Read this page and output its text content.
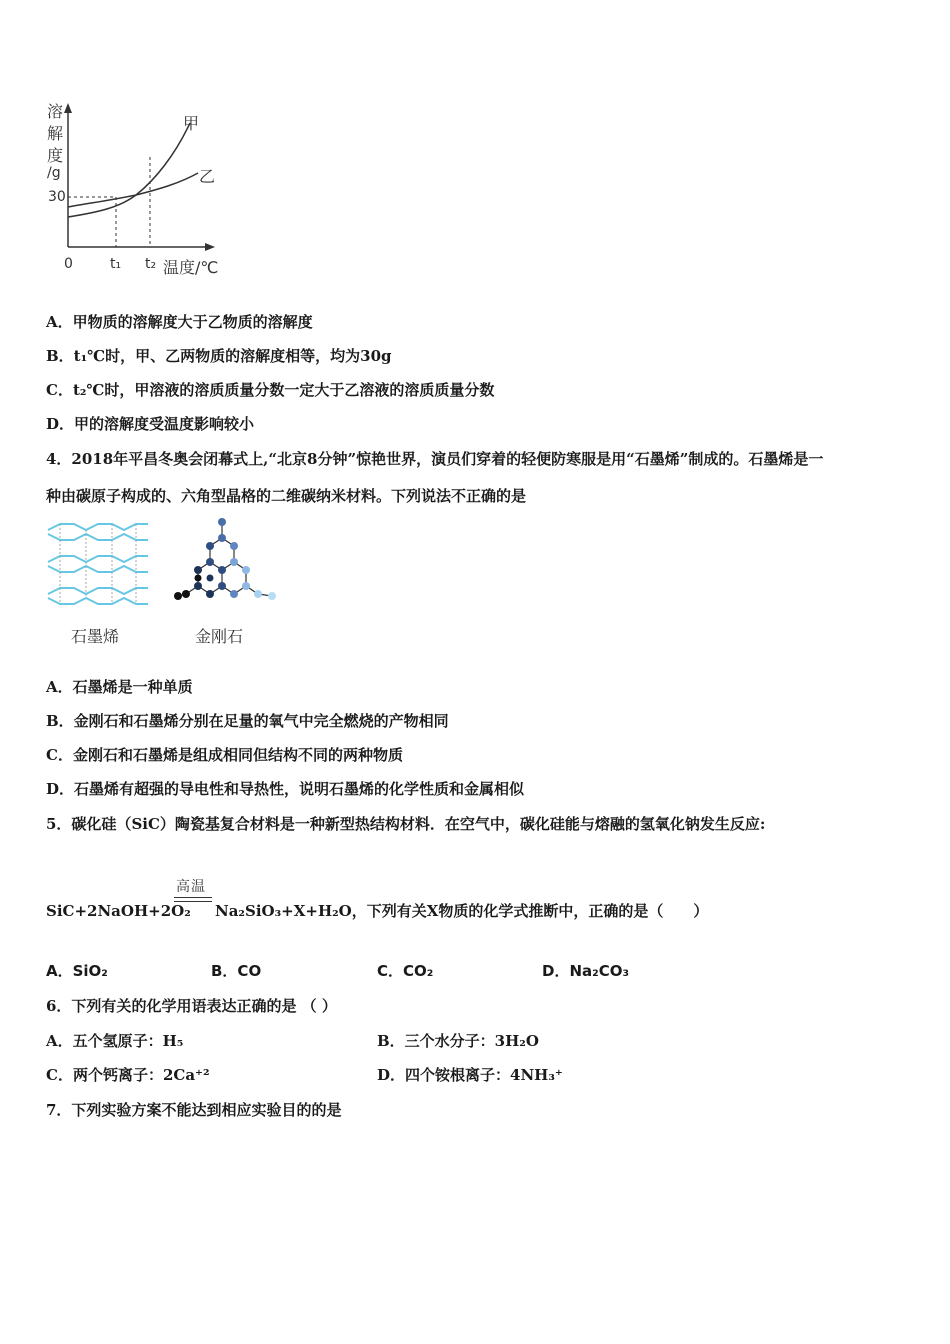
溶
解
度
/g
30
0	t₁ t₂ 温度/℃
甲
乙
A．甲物质的溶解度大于乙物质的溶解度
B．t₁℃时，甲、乙两物质的溶解度相等，均为30g
C．t₂℃时，甲溶液的溶质质量分数一定大于乙溶液的溶质质量分数
D．甲的溶解度受温度影响较小
4．2018年平昌冬奥会闭幕式上,“北京8分钟”惊艳世界，演员们穿着的轻便防寒服是用“石墨烯”制成的。石墨烯是一
种由碳原子构成的、六角型晶格的二维碳纳米材料。下列说法不正确的是
石墨烯	金刚石
A．石墨烯是一种单质
B．金刚石和石墨烯分别在足量的氧气中完全燃烧的产物相同
C．金刚石和石墨烯是组成相同但结构不同的两种物质
D．石墨烯有超强的导电性和导热性，说明石墨烯的化学性质和金属相似
5．碳化硅（SiC）陶瓷基复合材料是一种新型热结构材料．在空气中，碳化硅能与熔融的氢氧化钠发生反应:
SiC+2NaOH+2O₂
高温
Na₂SiO₃+X+H₂O，下列有关X物质的化学式推断中，正确的是（　　）
A．SiO₂	B．CO	C．CO₂	D．Na₂CO₃
6．下列有关的化学用语表达正确的是 （ ）
A．五个氢原子：H₅	B．三个水分子：3H₂O
C．两个钙离子：2Ca⁺²	D．四个铵根离子：4NH₃⁺
7．下列实验方案不能达到相应实验目的的是
